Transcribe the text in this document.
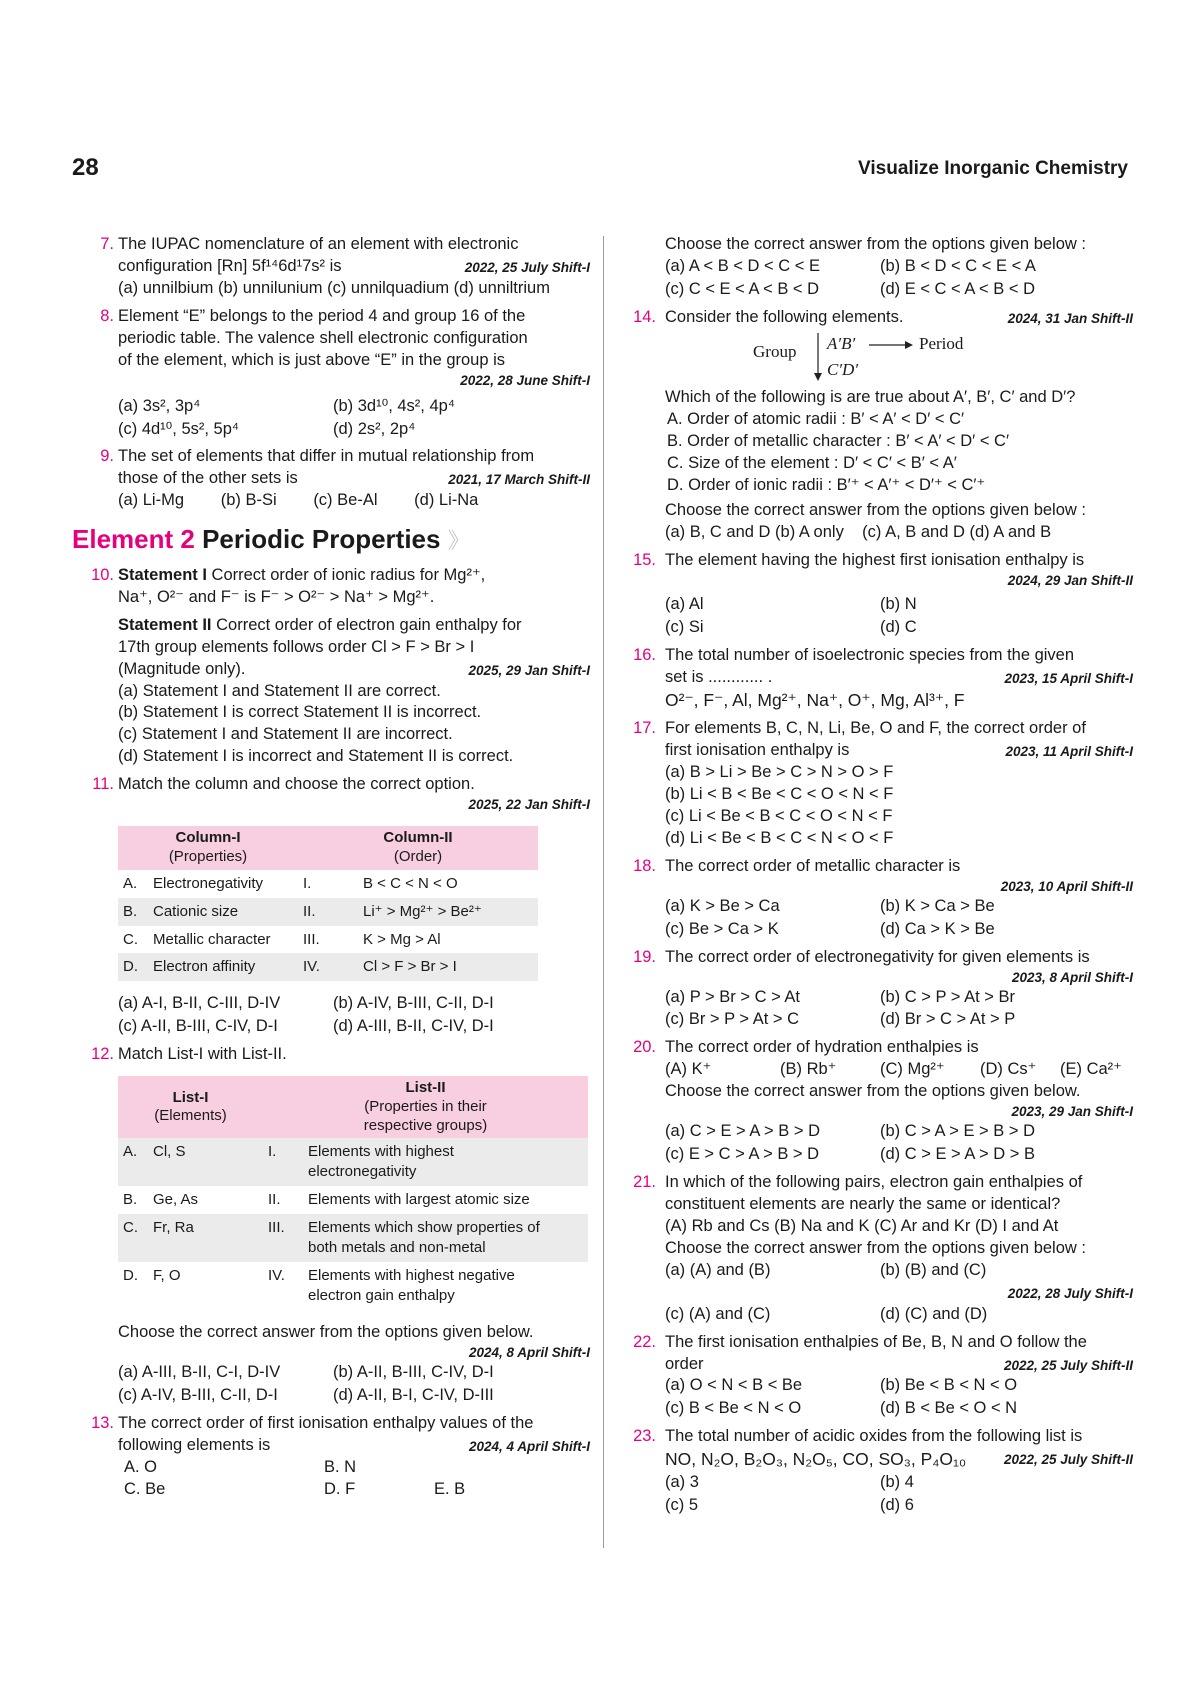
28	Visualize Inorganic Chemistry
7. The IUPAC nomenclature of an element with electronic
configuration [Rn] 5f¹⁴6d¹7s² is	2022, 25 July Shift-I
(a) unnilbium (b) unnilunium (c) unnilquadium (d) unniltrium
8. Element “E” belongs to the period 4 and group 16 of the
periodic table. The valence shell electronic configuration
of the element, which is just above “E” in the group is
2022, 28 June Shift-I
(a) 3s², 3p⁴	(b) 3d¹⁰, 4s², 4p⁴
(c) 4d¹⁰, 5s², 5p⁴	(d) 2s², 2p⁴
9. The set of elements that differ in mutual relationship from
those of the other sets is	2021, 17 March Shift-II
(a) Li-Mg (b) B-Si (c) Be-Al (d) Li-Na
Element 2 Periodic Properties 》
10. Statement I Correct order of ionic radius for Mg²⁺,
Na⁺, O²⁻ and F⁻ is F⁻ > O²⁻ > Na⁺ > Mg²⁺.
Statement II Correct order of electron gain enthalpy for
17th group elements follows order Cl > F > Br > I
(Magnitude only).	2025, 29 Jan Shift-I
(a) Statement I and Statement II are correct.
(b) Statement I is correct Statement II is incorrect.
(c) Statement I and Statement II are incorrect.
(d) Statement I is incorrect and Statement II is correct.
11. Match the column and choose the correct option.
2025, 22 Jan Shift-I
Column-I
(Properties)		Column-II
(Order)	

A.	Electronegativity	I.	B < C < N < O
B.	Cationic size	II.	Li⁺ > Mg²⁺ > Be²⁺
C.	Metallic character	III.	K > Mg > Al
D.	Electron affinity	IV.	Cl > F > Br > I
(a) A-I, B-II, C-III, D-IV	(b) A-IV, B-III, C-II, D-I
(c) A-II, B-III, C-IV, D-I	(d) A-III, B-II, C-IV, D-I
12. Match List-I with List-II.
List-I
(Elements)		List-II
(Properties in their
respective groups)	

A.	Cl, S	I.	Elements with highest
electronegativity

B.	Ge, As	II.	Elements with largest atomic size

C.	Fr, Ra	III.	Elements which show properties of
both metals and non-metal

D.	F, O	IV.	Elements with highest negative
electron gain enthalpy
Choose the correct answer from the options given below.
2024, 8 April Shift-I
(a) A-III, B-II, C-I, D-IV	(b) A-II, B-III, C-IV, D-I
(c) A-IV, B-III, C-II, D-I	(d) A-II, B-I, C-IV, D-III
13. The correct order of first ionisation enthalpy values of the
following elements is	2024, 4 April Shift-I
A. O	B. N
C. Be	D. F	E. B
Choose the correct answer from the options given below :
(a) A < B < D < C < E	(b) B < D < C < E < A
(c) C < E < A < B < D	(d) E < C < A < B < D
14. Consider the following elements.	2024, 31 Jan Shift-II
Group A′B′	Period
C′D′
Which of the following is are true about A′, B′, C′ and D′?
A. Order of atomic radii : B′ < A′ < D′ < C′
B. Order of metallic character : B′ < A′ < D′ < C′
C. Size of the element : D′ < C′ < B′ < A′
D. Order of ionic radii : B′⁺ < A′⁺ < D′⁺ < C′⁺
Choose the correct answer from the options given below :
(a) B, C and D (b) A only    (c) A, B and D (d) A and B
15. The element having the highest first ionisation enthalpy is
2024, 29 Jan Shift-II
(a) Al	(b) N
(c) Si	(d) C
16. The total number of isoelectronic species from the given
set is ............ .	2023, 15 April Shift-I
O²⁻, F⁻, Al, Mg²⁺, Na⁺, O⁺, Mg, Al³⁺, F
17. For elements B, C, N, Li, Be, O and F, the correct order of
first ionisation enthalpy is	2023, 11 April Shift-I
(a) B > Li > Be > C > N > O > F
(b) Li < B < Be < C < O < N < F
(c) Li < Be < B < C < O < N < F
(d) Li < Be < B < C < N < O < F
18. The correct order of metallic character is
2023, 10 April Shift-II
(a) K > Be > Ca	(b) K > Ca > Be
(c) Be > Ca > K	(d) Ca > K > Be
19. The correct order of electronegativity for given elements is
2023, 8 April Shift-I
(a) P > Br > C > At	(b) C > P > At > Br
(c) Br > P > At > C	(d) Br > C > At > P
20. The correct order of hydration enthalpies is
(A) K⁺	(B) Rb⁺	(C) Mg²⁺	(D) Cs⁺	(E) Ca²⁺
Choose the correct answer from the options given below.
2023, 29 Jan Shift-I
(a) C > E > A > B > D	(b) C > A > E > B > D
(c) E > C > A > B > D	(d) C > E > A > D > B
21. In which of the following pairs, electron gain enthalpies of
constituent elements are nearly the same or identical?
(A) Rb and Cs (B) Na and K (C) Ar and Kr (D) I and At
Choose the correct answer from the options given below :
(a) (A) and (B)	(b) (B) and (C)
2022, 28 July Shift-I
(c) (A) and (C)	(d) (C) and (D)
22. The first ionisation enthalpies of Be, B, N and O follow the
order	2022, 25 July Shift-II
(a) O < N < B < Be	(b) Be < B < N < O
(c) B < Be < N < O	(d) B < Be < O < N
23. The total number of acidic oxides from the following list is
NO, N₂O, B₂O₃, N₂O₅, CO, SO₃, P₄O₁₀	2022, 25 July Shift-II
(a) 3	(b) 4
(c) 5	(d) 6
